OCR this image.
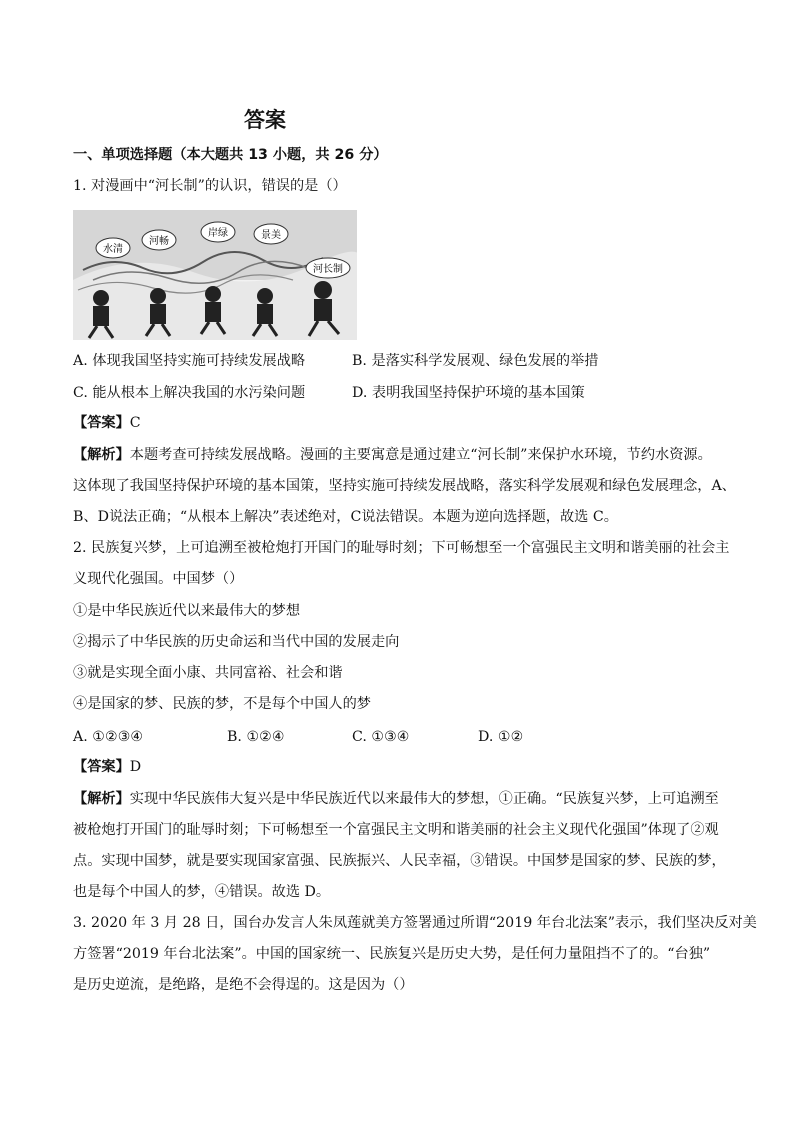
答案
一、单项选择题（本大题共 13 小题，共 26 分）
1. 对漫画中“河长制”的认识，错误的是（）
水清
河畅
岸绿	景美
河长制
A. 体现我国坚持实施可持续发展战略	B. 是落实科学发展观、绿色发展的举措
C. 能从根本上解决我国的水污染问题	D. 表明我国坚持保护环境的基本国策
【答案】C
【解析】本题考查可持续发展战略。漫画的主要寓意是通过建立“河长制”来保护水环境，节约水资源。
这体现了我国坚持保护环境的基本国策，坚持实施可持续发展战略，落实科学发展观和绿色发展理念，A、
B、D说法正确；“从根本上解决”表述绝对，C说法错误。本题为逆向选择题，故选 C。
2. 民族复兴梦，上可追溯至被枪炮打开国门的耻辱时刻；下可畅想至一个富强民主文明和谐美丽的社会主
义现代化强国。中国梦（）
①是中华民族近代以来最伟大的梦想
②揭示了中华民族的历史命运和当代中国的发展走向
③就是实现全面小康、共同富裕、社会和谐
④是国家的梦、民族的梦，不是每个中国人的梦
A. ①②③④	B. ①②④	C. ①③④	D. ①②
【答案】D
【解析】实现中华民族伟大复兴是中华民族近代以来最伟大的梦想，①正确。“民族复兴梦，上可追溯至
被枪炮打开国门的耻辱时刻；下可畅想至一个富强民主文明和谐美丽的社会主义现代化强国”体现了②观
点。实现中国梦，就是要实现国家富强、民族振兴、人民幸福，③错误。中国梦是国家的梦、民族的梦，
也是每个中国人的梦，④错误。故选 D。
3. 2020 年 3 月 28 日，国台办发言人朱凤莲就美方签署通过所谓“2019 年台北法案”表示，我们坚决反对美
方签署“2019 年台北法案”。中国的国家统一、民族复兴是历史大势，是任何力量阻挡不了的。“台独”
是历史逆流，是绝路，是绝不会得逞的。这是因为（）
